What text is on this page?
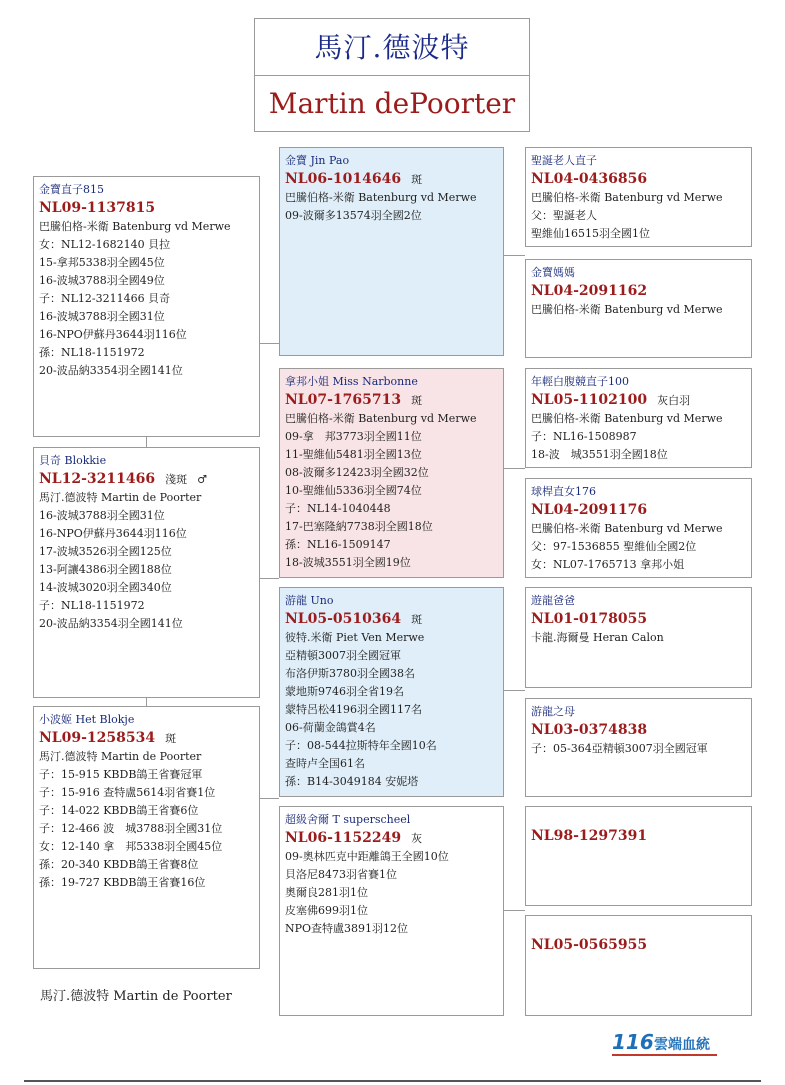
馬汀.德波特
Martin dePoorter
金寶直子815
NL09-1137815
巴騰伯格-米衛 Batenburg vd Merwe
女：NL12-1682140 貝拉
15-拿邦5338羽全國45位
16-波城3788羽全國49位
子：NL12-3211466 貝奇
16-波城3788羽全國31位
16-NPO伊蘇丹3644羽116位
孫：NL18-1151972
20-波品納3354羽全國141位
貝奇 Blokkie
NL12-3211466 淺斑 ♂
馬汀.德波特 Martin de Poorter
16-波城3788羽全國31位
16-NPO伊蘇丹3644羽116位
17-波城3526羽全國125位
13-阿讓4386羽全國188位
14-波城3020羽全國340位
子：NL18-1151972
20-波品納3354羽全國141位
小波姬 Het Blokje
NL09-1258534 斑
馬汀.德波特 Martin de Poorter
子：15-915 KBDB鴿王省賽冠軍
子：15-916 查特盧5614羽省賽1位
子：14-022 KBDB鴿王省賽6位
子：12-466 波　城3788羽全國31位
女：12-140 拿　邦5338羽全國45位
孫：20-340 KBDB鴿王省賽8位
孫：19-727 KBDB鴿王省賽16位
金寶 Jin Pao
NL06-1014646 斑
巴騰伯格-米衛 Batenburg vd Merwe
09-波爾多13574羽全國2位
拿邦小姐 Miss Narbonne
NL07-1765713 斑
巴騰伯格-米衛 Batenburg vd Merwe
09-拿　邦3773羽全國11位
11-聖維仙5481羽全國13位
08-波爾多12423羽全國32位
10-聖維仙5336羽全國74位
子：NL14-1040448
17-巴塞隆納7738羽全國18位
孫：NL16-1509147
18-波城3551羽全國19位
游龍 Uno
NL05-0510364 斑
彼特.米衛 Piet Ven Merwe
亞精頓3007羽全國冠軍
布洛伊斯3780羽全國38名
蒙地斯9746羽全省19名
蒙特呂松4196羽全國117名
06-荷蘭金鴿賞4名
子：08-544拉斯特年全國10名
查時卢全国61名
孫：B14-3049184 安妮塔
超級舍爾 T superscheel
NL06-1152249 灰
09-奧林匹克中距離鴿王全國10位
貝洛尼8473羽省賽1位
奧爾良281羽1位
皮塞佛699羽1位
NPO查特盧3891羽12位
聖誕老人直子
NL04-0436856
巴騰伯格-米衛 Batenburg vd Merwe
父：聖誕老人
聖維仙16515羽全國1位
金寶媽媽
NL04-2091162
巴騰伯格-米衛 Batenburg vd Merwe
年輕白腹競直子100
NL05-1102100 灰白羽
巴騰伯格-米衛 Batenburg vd Merwe
子：NL16-1508987
18-波　城3551羽全國18位
球桿直女176
NL04-2091176
巴騰伯格-米衛 Batenburg vd Merwe
父：97-1536855 聖維仙全國2位
女：NL07-1765713 拿邦小姐
遊龍爸爸
NL01-0178055
卡龍.海爾曼 Heran Calon
游龍之母
NL03-0374838
子：05-364亞精頓3007羽全國冠軍
NL98-1297391
NL05-0565955
馬汀.德波特 Martin de Poorter
116 雲端血統
